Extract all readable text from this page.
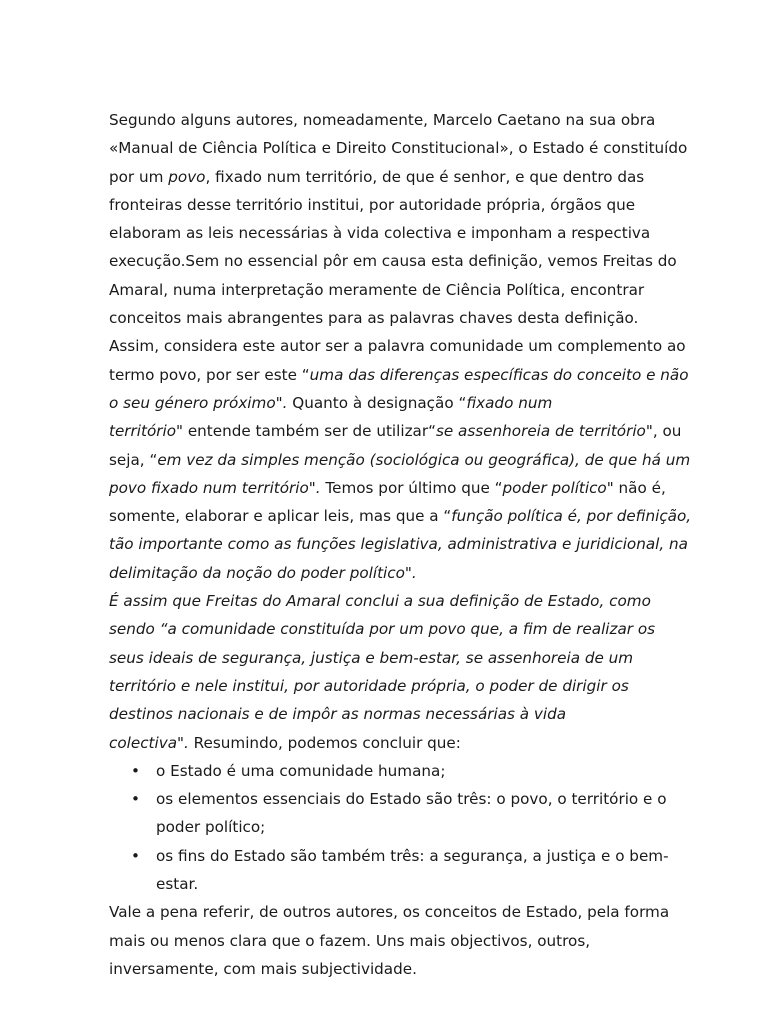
Segundo alguns autores, nomeadamente, Marcelo Caetano na sua obra
«Manual de Ciência Política e Direito Constitucional», o Estado é constituído
por um povo, fixado num território, de que é senhor, e que dentro das
fronteiras desse território institui, por autoridade própria, órgãos que
elaboram as leis necessárias à vida colectiva e imponham a respectiva
execução.Sem no essencial pôr em causa esta definição, vemos Freitas do
Amaral, numa interpretação meramente de Ciência Política, encontrar
conceitos mais abrangentes para as palavras chaves desta definição.
Assim, considera este autor ser a palavra comunidade um complemento ao
termo povo, por ser este “uma das diferenças específicas do conceito e não
o seu género próximo". Quanto à designação “fixado num
território" entende também ser de utilizar“se assenhoreia de território", ou
seja, “em vez da simples menção (sociológica ou geográfica), de que há um
povo fixado num território". Temos por último que “poder político" não é,
somente, elaborar e aplicar leis, mas que a “função política é, por definição,
tão importante como as funções legislativa, administrativa e juridicional, na
delimitação da noção do poder político".
É assim que Freitas do Amaral conclui a sua definição de Estado, como
sendo “a comunidade constituída por um povo que, a fim de realizar os
seus ideais de segurança, justiça e bem-estar, se assenhoreia de um
território e nele institui, por autoridade própria, o poder de dirigir os
destinos nacionais e de impôr as normas necessárias à vida
colectiva". Resumindo, podemos concluir que:
• o Estado é uma comunidade humana;
• os elementos essenciais do Estado são três: o povo, o território e o
poder político;
• os fins do Estado são também três: a segurança, a justiça e o bem-
estar.
Vale a pena referir, de outros autores, os conceitos de Estado, pela forma
mais ou menos clara que o fazem. Uns mais objectivos, outros,
inversamente, com mais subjectividade.
